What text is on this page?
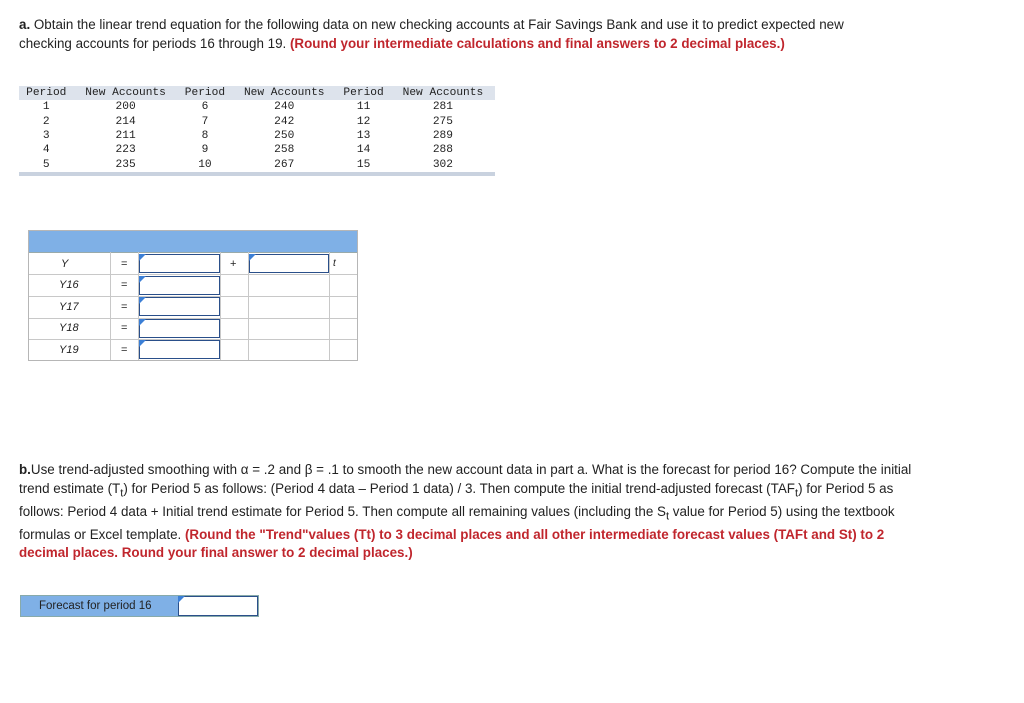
a. Obtain the linear trend equation for the following data on new checking accounts at Fair Savings Bank and use it to predict expected new checking accounts for periods 16 through 19. (Round your intermediate calculations and final answers to 2 decimal places.)
Period	New Accounts	Period	New Accounts	Period	New Accounts
1	200	6	240	11	281
2	214	7	242	12	275
3	211	8	250	13	289
4	223	9	258	14	288
5	235	10	267	15	302

Y	=	+	t
Y16	=
Y17	=
Y18	=
Y19	=
b.Use trend-adjusted smoothing with α = .2 and β = .1 to smooth the new account data in part a. What is the forecast for period 16? Compute the initial trend estimate $(T_t)$ for Period 5 as follows: (Period 4 data – Period 1 data) / 3. Then compute the initial trend-adjusted forecast $(TAF_t)$ for Period 5 as follows: Period 4 data + Initial trend estimate for Period 5. Then compute all remaining values (including the $S_t$ value for Period 5) using the textbook formulas or Excel template. (Round the "Trend"values (Tt) to 3 decimal places and all other intermediate forecast values (TAFt and St) to 2 decimal places. Round your final answer to 2 decimal places.)
Forecast for period 16
